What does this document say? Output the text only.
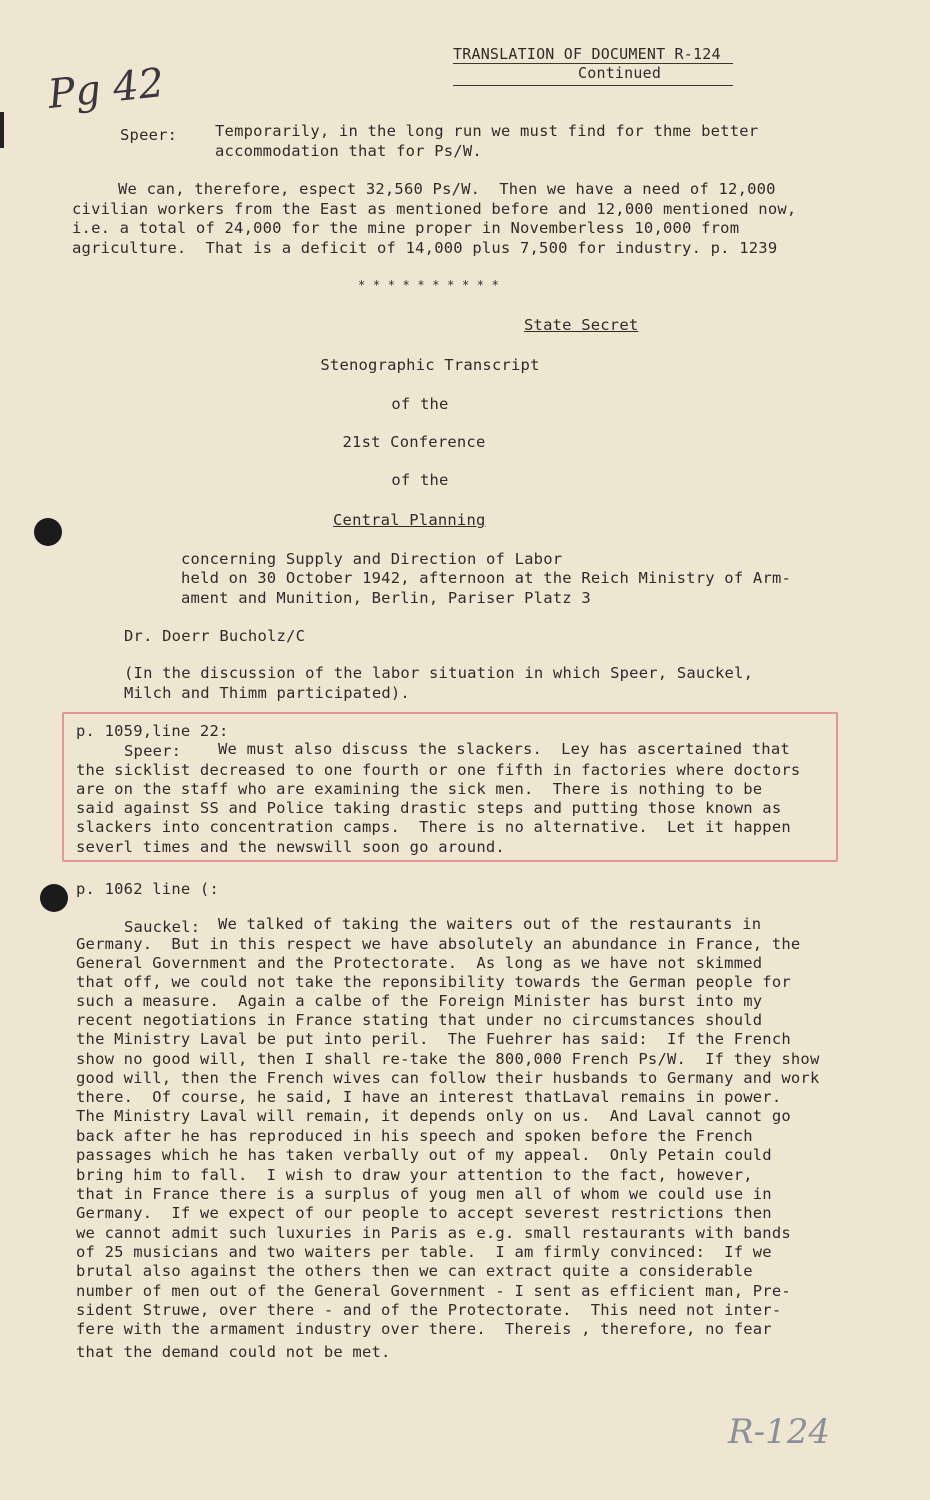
TRANSLATION OF DOCUMENT R-124
Continued
Pg 42
Speer: Temporarily, in the long run we must find for thme better
accommodation that for Ps/W.
We can, therefore, espect 32,560 Ps/W.  Then we have a need of 12,000
civilian workers from the East as mentioned before and 12,000 mentioned now,
i.e. a total of 24,000 for the mine proper in Novemberless 10,000 from
agriculture.  That is a deficit of 14,000 plus 7,500 for industry. p. 1239
* * * * * * * * * *
State Secret
Stenographic Transcript
of the
21st Conference
of the
Central Planning
concerning Supply and Direction of Labor
held on 30 October 1942, afternoon at the Reich Ministry of Arm-
ament and Munition, Berlin, Pariser Platz 3
Dr. Doerr Bucholz/C
(In the discussion of the labor situation in which Speer, Sauckel,
Milch and Thimm participated).
p. 1059,line 22:
Speer: We must also discuss the slackers.  Ley has ascertained that
the sicklist decreased to one fourth or one fifth in factories where doctors
are on the staff who are examining the sick men.  There is nothing to be
said against SS and Police taking drastic steps and putting those known as
slackers into concentration camps.  There is no alternative.  Let it happen
severl times and the newswill soon go around.
p. 1062 line (:
Sauckel: We talked of taking the waiters out of the restaurants in
Germany.  But in this respect we have absolutely an abundance in France, the
General Government and the Protectorate.  As long as we have not skimmed
that off, we could not take the reponsibility towards the German people for
such a measure.  Again a calbe of the Foreign Minister has burst into my
recent negotiations in France stating that under no circumstances should
the Ministry Laval be put into peril.  The Fuehrer has said:  If the French
show no good will, then I shall re-take the 800,000 French Ps/W.  If they show
good will, then the French wives can follow their husbands to Germany and work
there.  Of course, he said, I have an interest thatLaval remains in power.
The Ministry Laval will remain, it depends only on us.  And Laval cannot go
back after he has reproduced in his speech and spoken before the French
passages which he has taken verbally out of my appeal.  Only Petain could
bring him to fall.  I wish to draw your attention to the fact, however,
that in France there is a surplus of youg men all of whom we could use in
Germany.  If we expect of our people to accept severest restrictions then
we cannot admit such luxuries in Paris as e.g. small restaurants with bands
of 25 musicians and two waiters per table.  I am firmly convinced:  If we
brutal also against the others then we can extract quite a considerable
number of men out of the General Government - I sent as efficient man, Pre-
sident Struwe, over there - and of the Protectorate.  This need not inter-
fere with the armament industry over there.  Thereis , therefore, no fear
that the demand could not be met.
R-124
